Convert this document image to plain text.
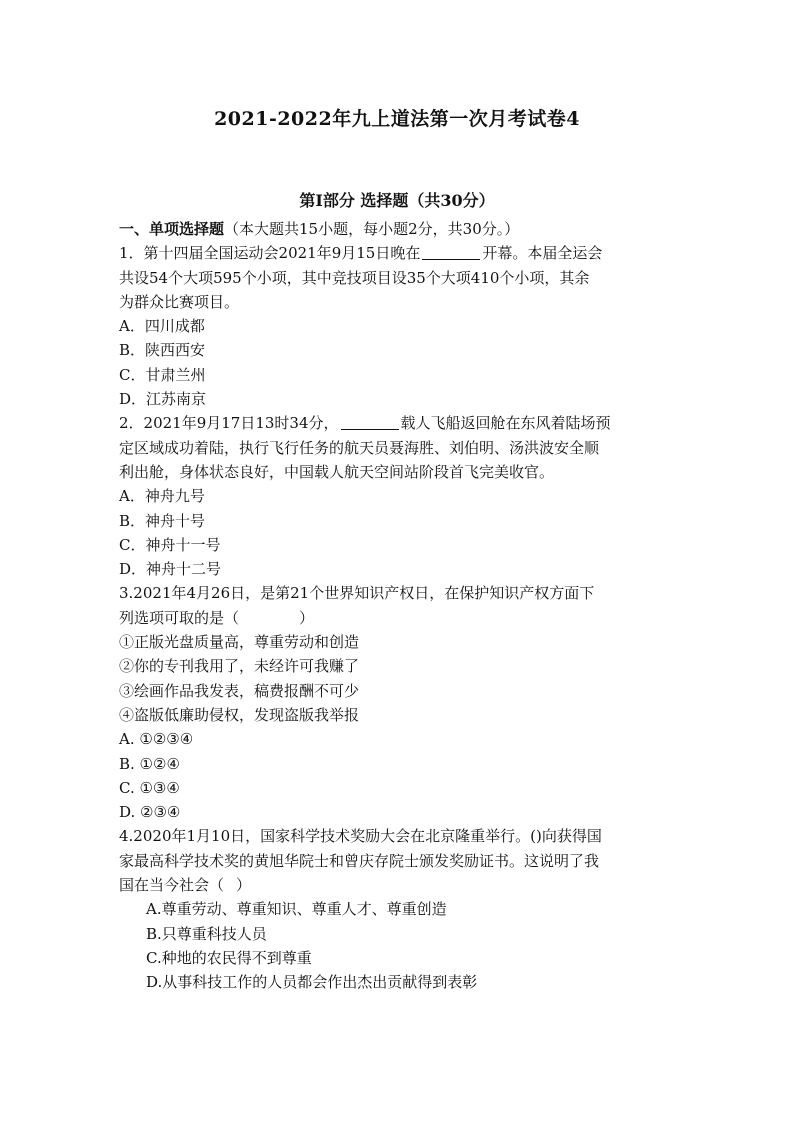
2021-2022年九上道法第一次月考试卷4
第Ⅰ部分 选择题（共30分）
一、单项选择题（本大题共15小题，每小题2分，共30分。）
1．第十四届全国运动会2021年9月15日晚在	开幕。本届全运会
共设54个大项595个小项，其中竞技项目设35个大项410个小项，其余
为群众比赛项目。
A．四川成都
B．陕西西安
C．甘肃兰州
D．江苏南京
2．2021年9月17日13时34分，	载人飞船返回舱在东风着陆场预
定区域成功着陆，执行飞行任务的航天员聂海胜、刘伯明、汤洪波安全顺
利出舱，身体状态良好，中国载人航天空间站阶段首飞完美收官。
A．神舟九号
B．神舟十号
C．神舟十一号
D．神舟十二号
3.2021年4月26日，是第21个世界知识产权日，在保护知识产权方面下
列选项可取的是（	）
①正版光盘质量高，尊重劳动和创造
②你的专刊我用了，未经许可我赚了
③绘画作品我发表，稿费报酬不可少
④盗版低廉助侵权，发现盗版我举报
A. ①②③④
B. ①②④
C. ①③④
D. ②③④
4.2020年1月10日，国家科学技术奖励大会在北京隆重举行。()向获得国
家最高科学技术奖的黄旭华院士和曾庆存院士颁发奖励证书。这说明了我
国在当今社会（ ）
A.尊重劳动、尊重知识、尊重人才、尊重创造
B.只尊重科技人员
C.种地的农民得不到尊重
D.从事科技工作的人员都会作出杰出贡献得到表彰
